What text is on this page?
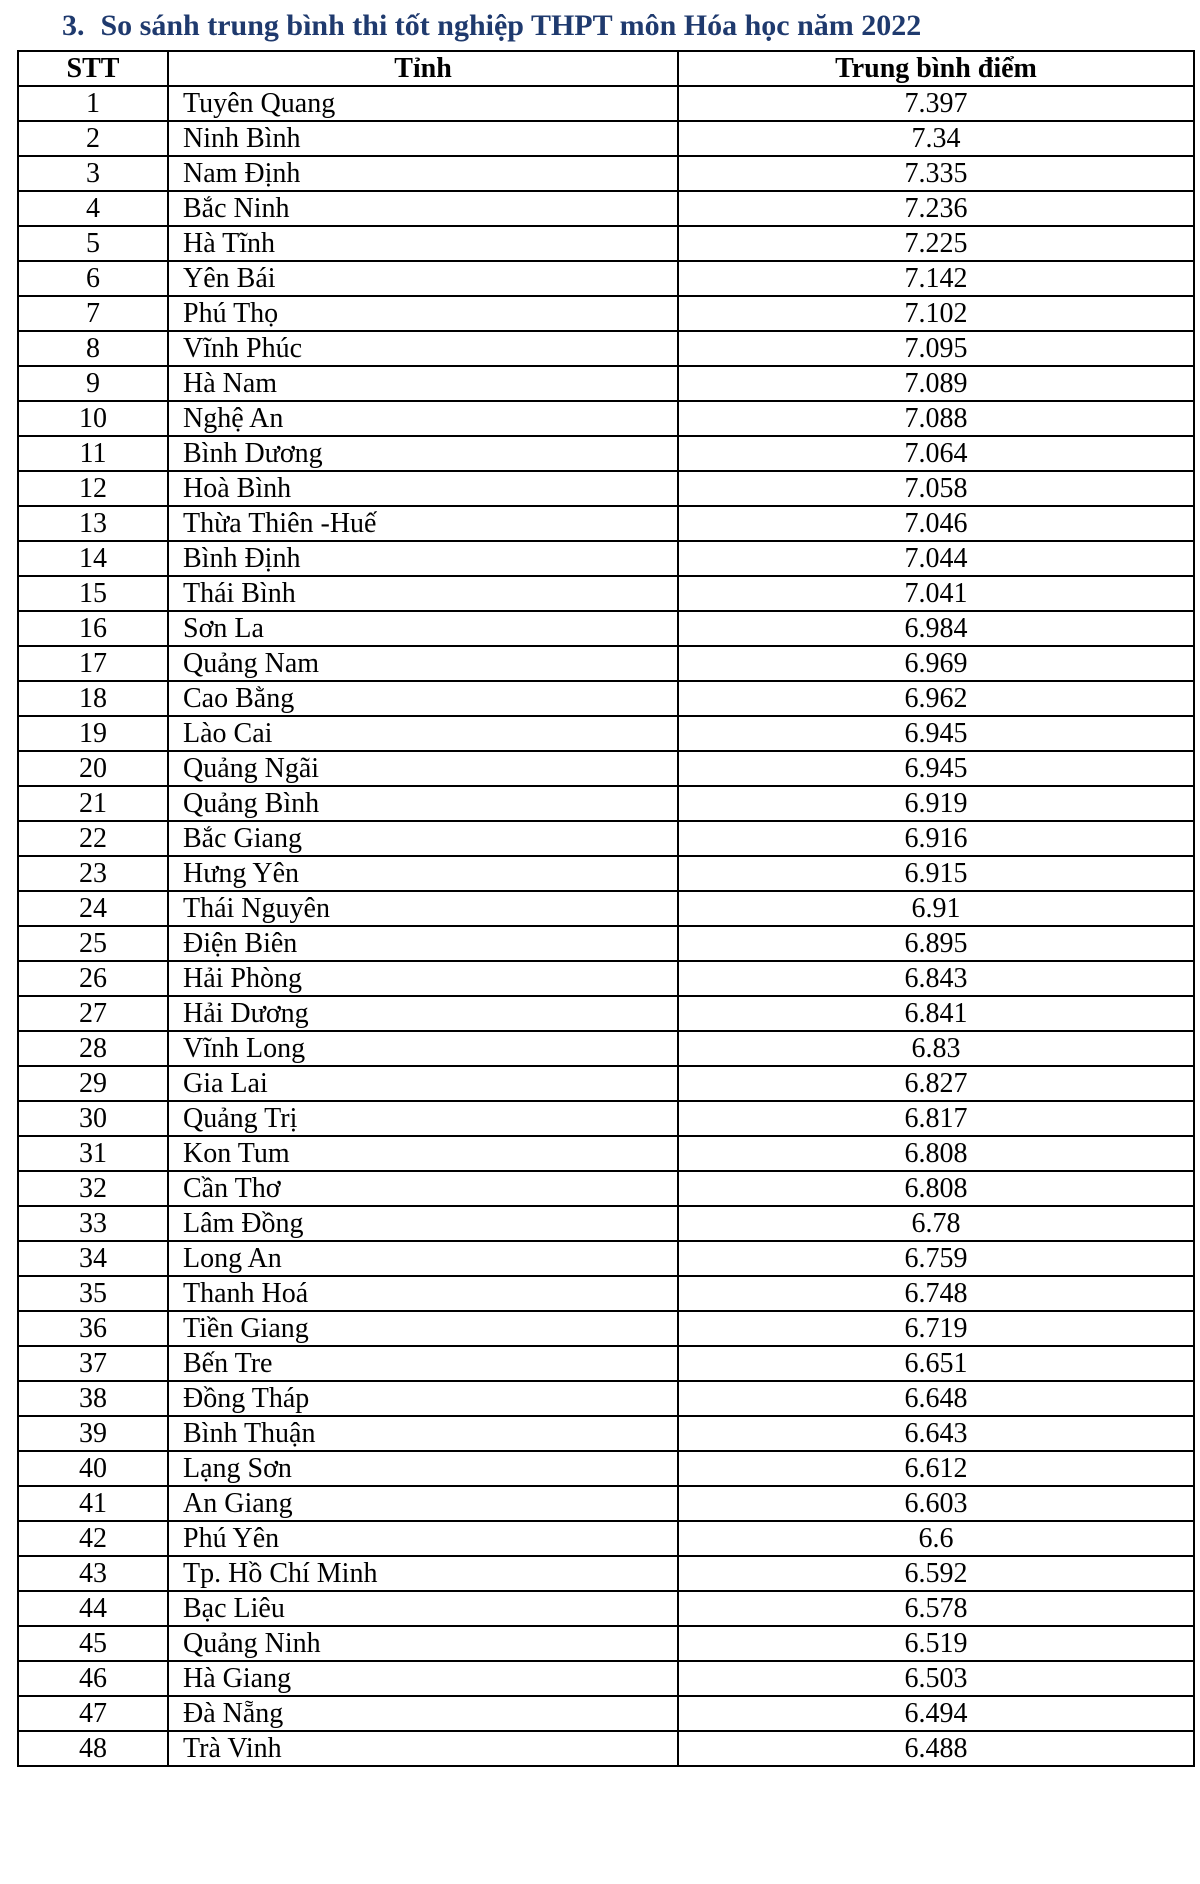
3. So sánh trung bình thi tốt nghiệp THPT môn Hóa học năm 2022
STT	Tỉnh	Trung bình điểm
1	Tuyên Quang	7.397
2	Ninh Bình	7.34
3	Nam Định	7.335
4	Bắc Ninh	7.236
5	Hà Tĩnh	7.225
6	Yên Bái	7.142
7	Phú Thọ	7.102
8	Vĩnh Phúc	7.095
9	Hà Nam	7.089
10	Nghệ An	7.088
11	Bình Dương	7.064
12	Hoà Bình	7.058
13	Thừa Thiên -Huế	7.046
14	Bình Định	7.044
15	Thái Bình	7.041
16	Sơn La	6.984
17	Quảng Nam	6.969
18	Cao Bằng	6.962
19	Lào Cai	6.945
20	Quảng Ngãi	6.945
21	Quảng Bình	6.919
22	Bắc Giang	6.916
23	Hưng Yên	6.915
24	Thái Nguyên	6.91
25	Điện Biên	6.895
26	Hải Phòng	6.843
27	Hải Dương	6.841
28	Vĩnh Long	6.83
29	Gia Lai	6.827
30	Quảng Trị	6.817
31	Kon Tum	6.808
32	Cần Thơ	6.808
33	Lâm Đồng	6.78
34	Long An	6.759
35	Thanh Hoá	6.748
36	Tiền Giang	6.719
37	Bến Tre	6.651
38	Đồng Tháp	6.648
39	Bình Thuận	6.643
40	Lạng Sơn	6.612
41	An Giang	6.603
42	Phú Yên	6.6
43	Tp. Hồ Chí Minh	6.592
44	Bạc Liêu	6.578
45	Quảng Ninh	6.519
46	Hà Giang	6.503
47	Đà Nẵng	6.494
48	Trà Vinh	6.488
